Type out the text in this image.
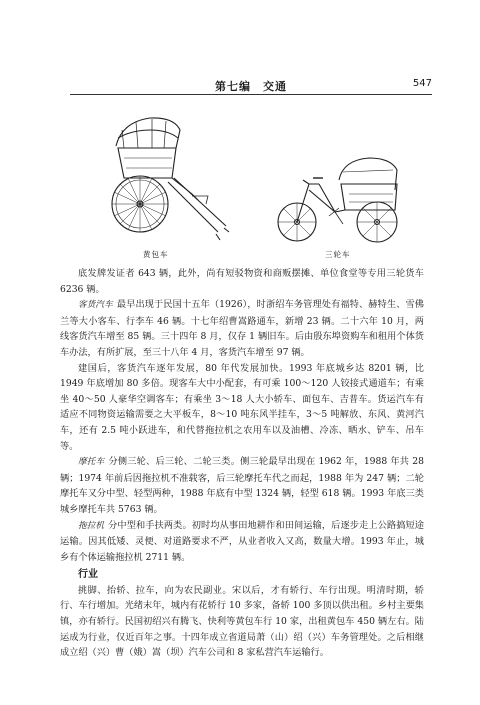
第七编　交通	547
黄包车	三轮车

底发牌发证者 643 辆，此外，尚有短驳物资和商贩摆摊、单位食堂等专用三轮货车 6236 辆。

客货汽车 最早出现于民国十五年（1926），时浙绍车务管理处有福特、赫特生、雪佛兰等大小客车、行李车 46 辆。十七年绍曹嵩路通车，新增 23 辆。二十六年 10 月，两线客货汽车增至 85 辆。三十四年 8 月，仅存 1 辆旧车。后由殷东埠资购车和租用个体货车办法，有所扩展，至三十八年 4 月，客货汽车增至 97 辆。

建国后，客货汽车逐年发展，80 年代发展加快。1993 年底城乡达 8201 辆，比 1949 年底增加 80 多倍。现客车大中小配套，有可乘 100～120 人铰接式通道车；有乘坐 40～50 人豪华空调客车；有乘坐 3～18 人大小轿车、面包车、吉普车。货运汽车有适应不同物资运输需要之大平板车，8～10 吨东风半挂车，3～5 吨解放、东风、黄河汽车，还有 2.5 吨小跃进车，和代替拖拉机之农用车以及油槽、冷冻、晒水、铲车、吊车等。

摩托车 分侧三轮、后三轮、二轮三类。侧三轮最早出现在 1962 年，1988 年共 28 辆；1974 年前后因拖拉机不准载客，后三轮摩托车代之而起，1988 年为 247 辆；二轮摩托车又分中型、轻型两种，1988 年底有中型 1324 辆，轻型 618 辆。1993 年底三类城乡摩托车共 5763 辆。

拖拉机 分中型和手扶两类。初时均从事田地耕作和田间运输，后逐步走上公路搞短途运输。因其低矮、灵便、对道路要求不严，从业者收入又高，数量大增。1993 年止，城乡有个体运输拖拉机 2711 辆。

行业

挑脚、抬轿、拉车，向为农民副业。宋以后，才有轿行、车行出现。明清时期，轿行、车行增加。光绪末年，城内有花轿行 10 多家，备轿 100 多顶以供出租。乡村主要集镇，亦有轿行。民国初绍兴有腾飞、快利等黄包车行 10 家，出租黄包车 450 辆左右。陆运成为行业，仅近百年之事。十四年成立省道局萧（山）绍（兴）车务管理处。之后相继成立绍（兴）曹（娥）嵩（坝）汽车公司和 8 家私营汽车运输行。
